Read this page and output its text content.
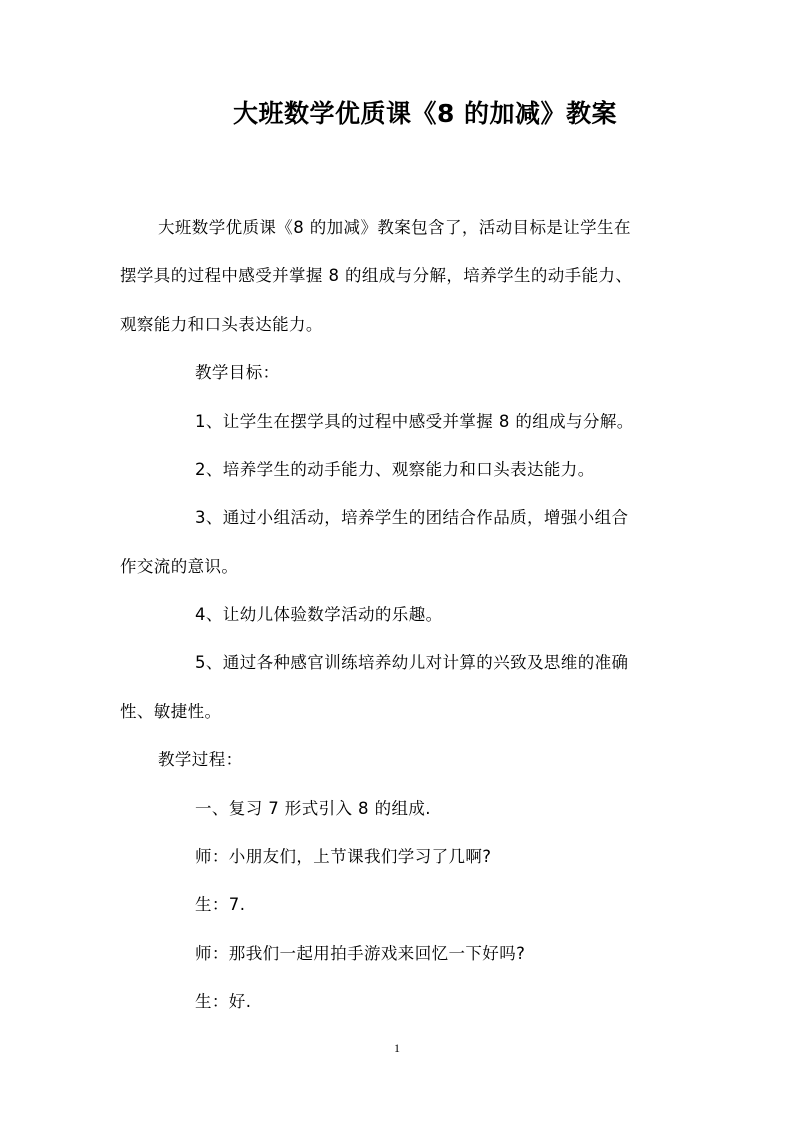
大班数学优质课《8 的加减》教案

大班数学优质课《8 的加减》教案包含了，活动目标是让学生在

摆学具的过程中感受并掌握 8 的组成与分解，培养学生的动手能力、

观察能力和口头表达能力。

教学目标：

1、让学生在摆学具的过程中感受并掌握 8 的组成与分解。

2、培养学生的动手能力、观察能力和口头表达能力。

3、通过小组活动，培养学生的团结合作品质，增强小组合

作交流的意识。

4、让幼儿体验数学活动的乐趣。

5、通过各种感官训练培养幼儿对计算的兴致及思维的准确

性、敏捷性。

教学过程：

一、复习 7 形式引入 8 的组成.

师：小朋友们，上节课我们学习了几啊?

生：7.

师：那我们一起用拍手游戏来回忆一下好吗?

生：好.

1
